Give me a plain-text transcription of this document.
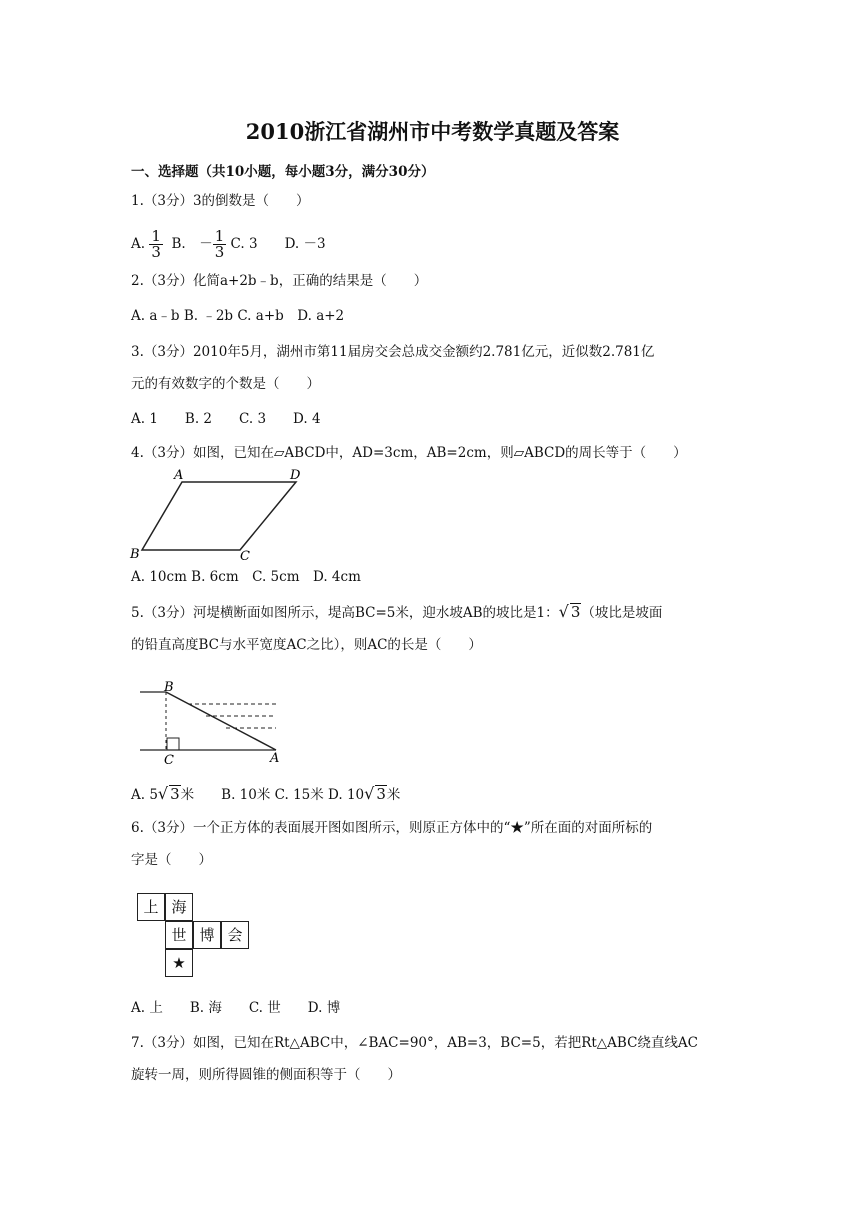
2010浙江省湖州市中考数学真题及答案
一、选择题（共10小题，每小题3分，满分30分）
1.（3分）3的倒数是（　　）
A. $\frac{1}{3} B$.　－ $\frac{1}{3} C$. 3　　D. －3
2.（3分）化简a+2b﹣b，正确的结果是（　　）
A. a﹣b B. ﹣2b C. a+b　D. a+2
3.（3分）2010年5月，湖州市第11届房交会总成交金额约2.781亿元，近似数2.781亿
元的有效数字的个数是（　　）
A. 1　　B. 2　　C. 3　　D. 4
4.（3分）如图，已知在▱ABCD中，AD=3cm，AB=2cm，则▱ABCD的周长等于（　　）
A	D
B	C
A. 10cm B. 6cm　C. 5cm　D. 4cm
5.（3分）河堤横断面如图所示，堤高BC=5米，迎水坡AB的坡比是1：√ 3（坡比是坡面
的铅直高度BC与水平宽度AC之比），则AC的长是（　　）
B
C	A
A. 5√ 3米　　B. 10米 C. 15米 D. 10√ 3米
6.（3分）一个正方体的表面展开图如图所示，则原正方体中的“★”所在面的对面所标的
字是（　　）
上 海
世 博 会
★
A. 上　　B. 海　　C. 世　　D. 博
7.（3分）如图，已知在Rt△ABC中，∠BAC=90°，AB=3，BC=5，若把Rt△ABC绕直线AC
旋转一周，则所得圆锥的侧面积等于（　　）
